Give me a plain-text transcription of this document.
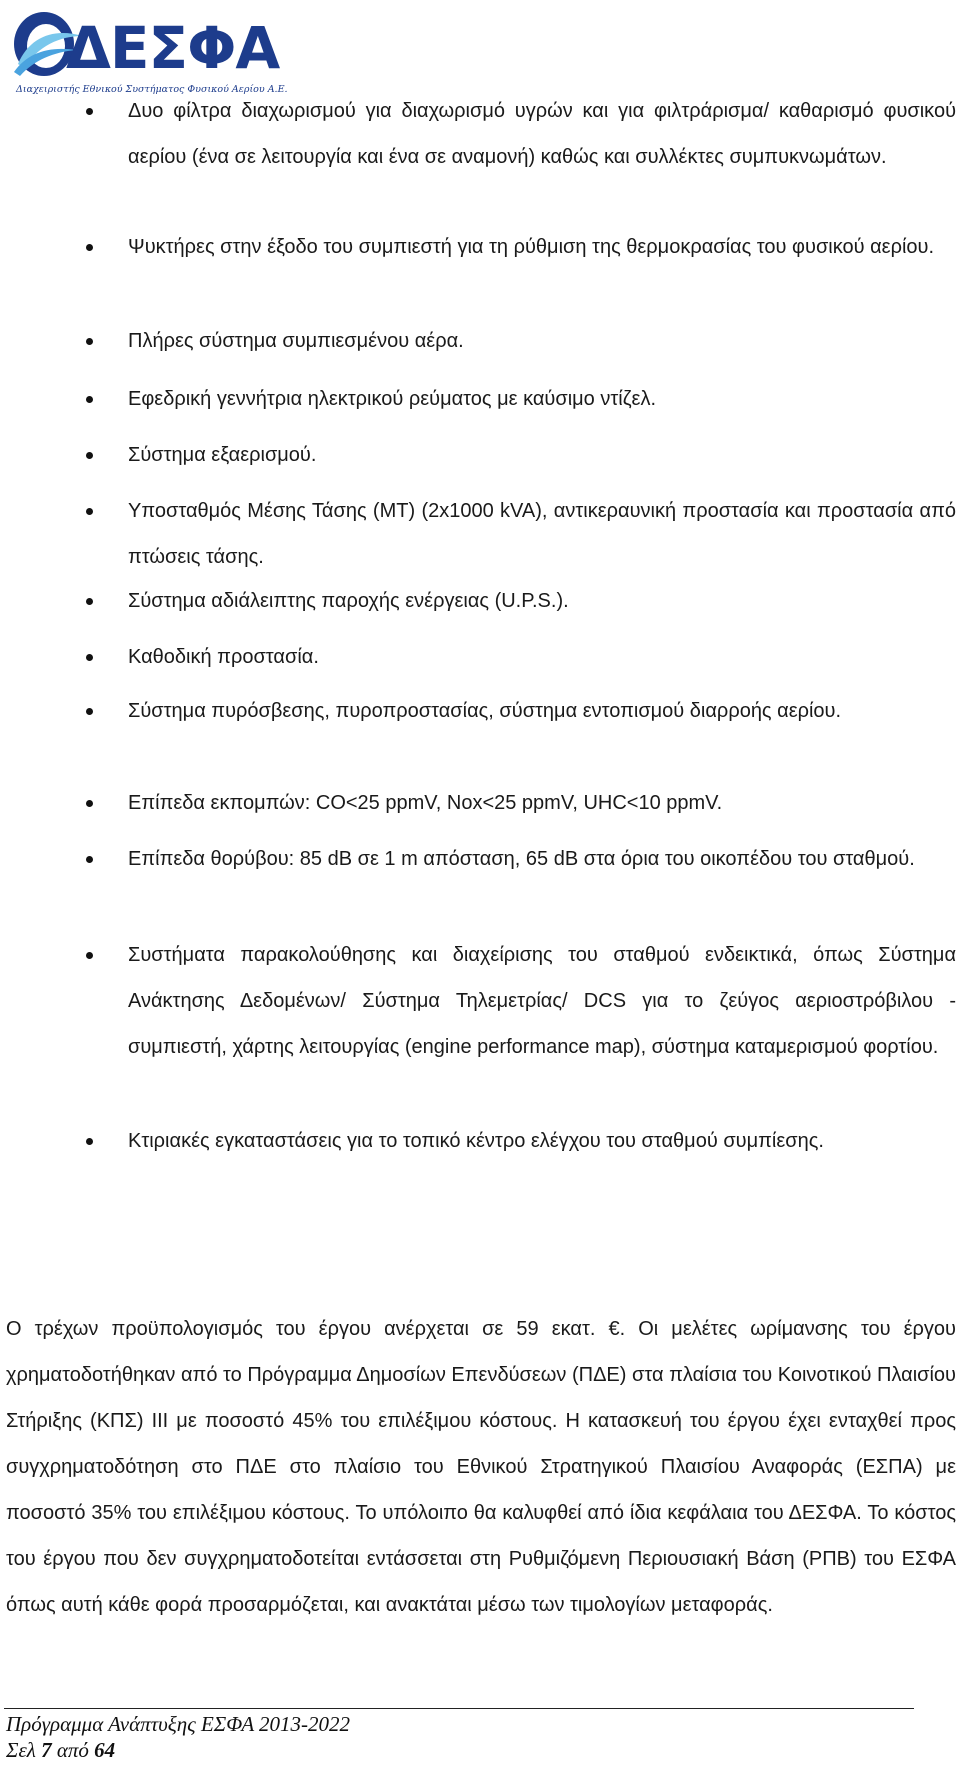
ΔΕΣΦΑ
Διαχειριστής Εθνικού Συστήματος Φυσικού Αερίου Α.Ε.
Δυο φίλτρα διαχωρισμού για διαχωρισμό υγρών και για φιλτράρισμα/ καθαρισμό φυσικού αερίου (ένα σε λειτουργία και ένα σε αναμονή) καθώς και συλλέκτες συμπυκνωμάτων.
Ψυκτήρες στην έξοδο του συμπιεστή για τη ρύθμιση της θερμοκρασίας του φυσικού αερίου.
Πλήρες σύστημα συμπιεσμένου αέρα.
Εφεδρική γεννήτρια ηλεκτρικού ρεύματος με καύσιμο ντίζελ.
Σύστημα εξαερισμού.
Υποσταθμός Μέσης Τάσης (ΜΤ) (2x1000 kVA), αντικεραυνική προστασία και προστασία από πτώσεις τάσης.
Σύστημα αδιάλειπτης παροχής ενέργειας (U.P.S.).
Καθοδική προστασία.
Σύστημα πυρόσβεσης, πυροπροστασίας, σύστημα εντοπισμού διαρροής αερίου.
Επίπεδα εκπομπών: CO<25 ppmV, Nox<25 ppmV, UHC<10 ppmV.
Επίπεδα θορύβου: 85 dB σε 1 m απόσταση, 65 dB στα όρια του οικοπέδου του σταθμού.
Συστήματα παρακολούθησης και διαχείρισης του σταθμού ενδεικτικά, όπως Σύστημα Ανάκτησης Δεδομένων/ Σύστημα Τηλεμετρίας/ DCS για το ζεύγος αεριοστρόβιλου - συμπιεστή, χάρτης λειτουργίας (engine performance map), σύστημα καταμερισμού φορτίου.
Κτιριακές εγκαταστάσεις για το τοπικό κέντρο ελέγχου του σταθμού συμπίεσης.
Ο τρέχων προϋπολογισμός του έργου ανέρχεται σε 59 εκατ. €. Οι μελέτες ωρίμανσης του έργου χρηματοδοτήθηκαν από το Πρόγραμμα Δημοσίων Επενδύσεων (ΠΔΕ) στα πλαίσια του Κοινοτικού Πλαισίου Στήριξης (ΚΠΣ) ΙΙΙ με ποσοστό 45% του επιλέξιμου κόστους. Η κατασκευή του έργου έχει ενταχθεί προς συγχρηματοδότηση στο ΠΔΕ στο πλαίσιο του Εθνικού Στρατηγικού Πλαισίου Αναφοράς (ΕΣΠΑ) με ποσοστό 35% του επιλέξιμου κόστους. Το υπόλοιπο θα καλυφθεί από ίδια κεφάλαια του ΔΕΣΦΑ. Το κόστος του έργου που δεν συγχρηματοδοτείται εντάσσεται στη Ρυθμιζόμενη Περιουσιακή Βάση (ΡΠΒ) του ΕΣΦΑ όπως αυτή κάθε φορά προσαρμόζεται, και ανακτάται μέσω των τιμολογίων μεταφοράς.
Πρόγραμμα Ανάπτυξης ΕΣΦΑ 2013-2022
Σελ 7 από 64
